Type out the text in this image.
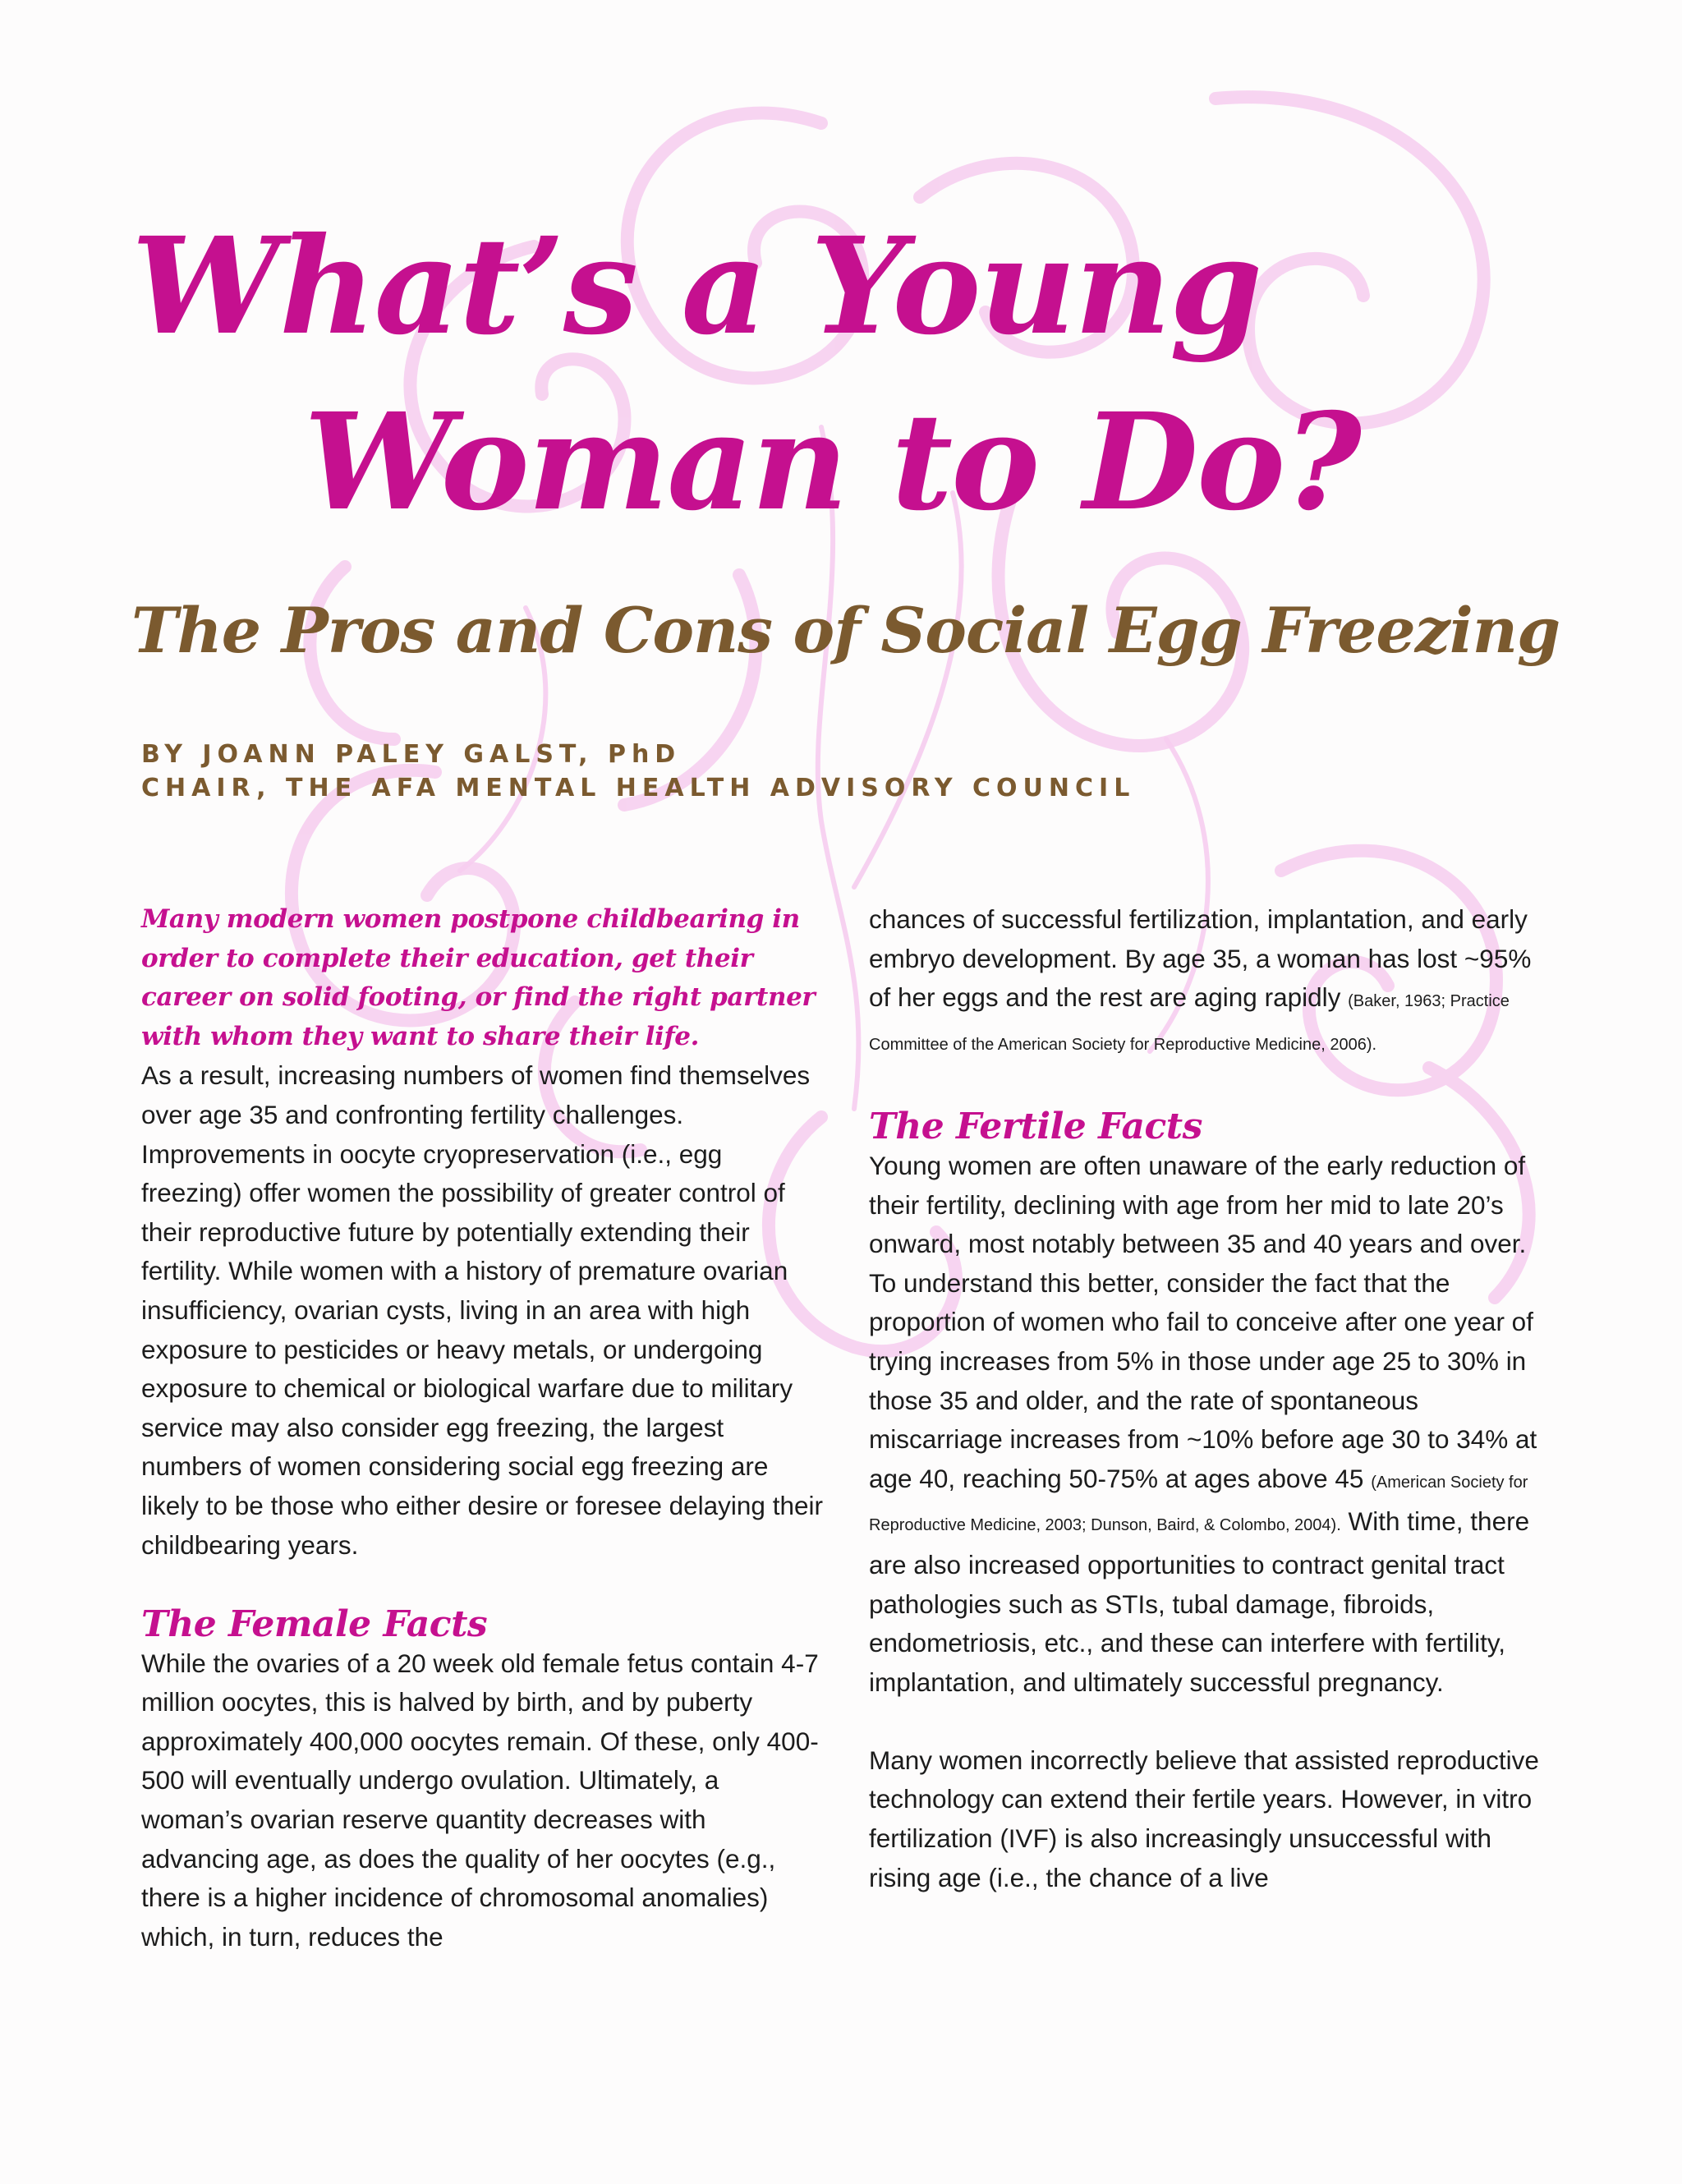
What’s a Young
Woman to Do?
The Pros and Cons of Social Egg Freezing
BY JOANN PALEY GALST, PhD
CHAIR, THE AFA MENTAL HEALTH ADVISORY COUNCIL

Many modern women postpone childbearing in order to complete their education, get their career on solid footing, or find the right partner with whom they want to share their life.

As a result, increasing numbers of women find themselves over age 35 and confronting fertility challenges. Improvements in oocyte cryopreservation (i.e., egg freezing) offer women the possibility of greater control of their reproductive future by potentially extending their fertility. While women with a history of premature ovarian insufficiency, ovarian cysts, living in an area with high exposure to pesticides or heavy metals, or undergoing exposure to chemical or biological warfare due to military service may also consider egg freezing, the largest numbers of women considering social egg freezing are likely to be those who either desire or foresee delaying their childbearing years.

The Female Facts

While the ovaries of a 20 week old female fetus contain 4-7 million oocytes, this is halved by birth, and by puberty approximately 400,000 oocytes remain. Of these, only 400-500 will eventually undergo ovulation. Ultimately, a woman’s ovarian reserve quantity decreases with advancing age, as does the quality of her oocytes (e.g., there is a higher incidence of chromosomal anomalies) which, in turn, reduces the

chances of successful fertilization, implantation, and early embryo development. By age 35, a woman has lost ~95% of her eggs and the rest are aging rapidly (Baker, 1963; Practice Committee of the American Society for Reproductive Medicine, 2006).

The Fertile Facts

Young women are often unaware of the early reduction of their fertility, declining with age from her mid to late 20’s onward, most notably between 35 and 40 years and over. To understand this better, consider the fact that the proportion of women who fail to conceive after one year of trying increases from 5% in those under age 25 to 30% in those 35 and older, and the rate of spontaneous miscarriage increases from ~10% before age 30 to 34% at age 40, reaching 50-75% at ages above 45 (American Society for Reproductive Medicine, 2003; Dunson, Baird, & Colombo, 2004). With time, there are also increased opportunities to contract genital tract pathologies such as STIs, tubal damage, fibroids, endometriosis, etc., and these can interfere with fertility, implantation, and ultimately successful pregnancy.

Many women incorrectly believe that assisted reproductive technology can extend their fertile years. However, in vitro fertilization (IVF) is also increasingly unsuccessful with rising age (i.e., the chance of a live
